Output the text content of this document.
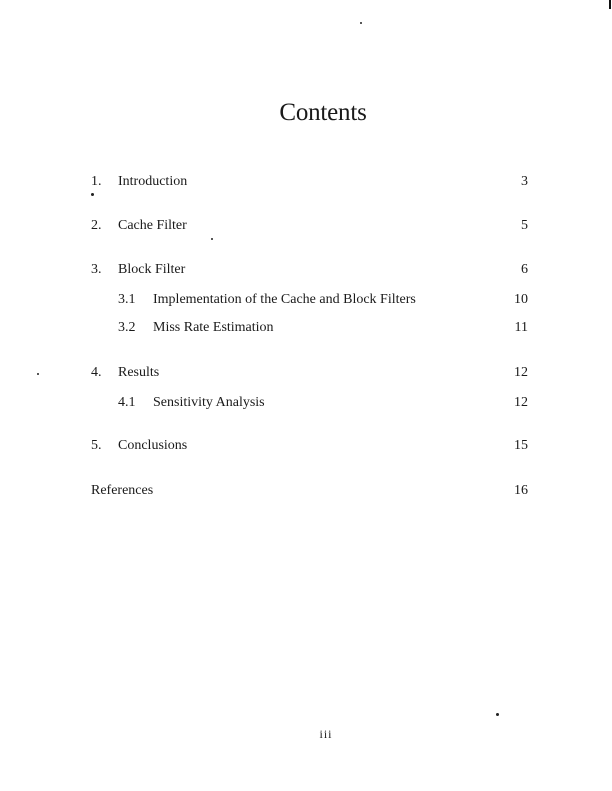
Contents
1. Introduction	3
2. Cache Filter	5
3. Block Filter	6
3.1 Implementation of the Cache and Block Filters	10
3.2 Miss Rate Estimation	11
4. Results	12
4.1 Sensitivity Analysis	12
5. Conclusions	15
References	16
iii
